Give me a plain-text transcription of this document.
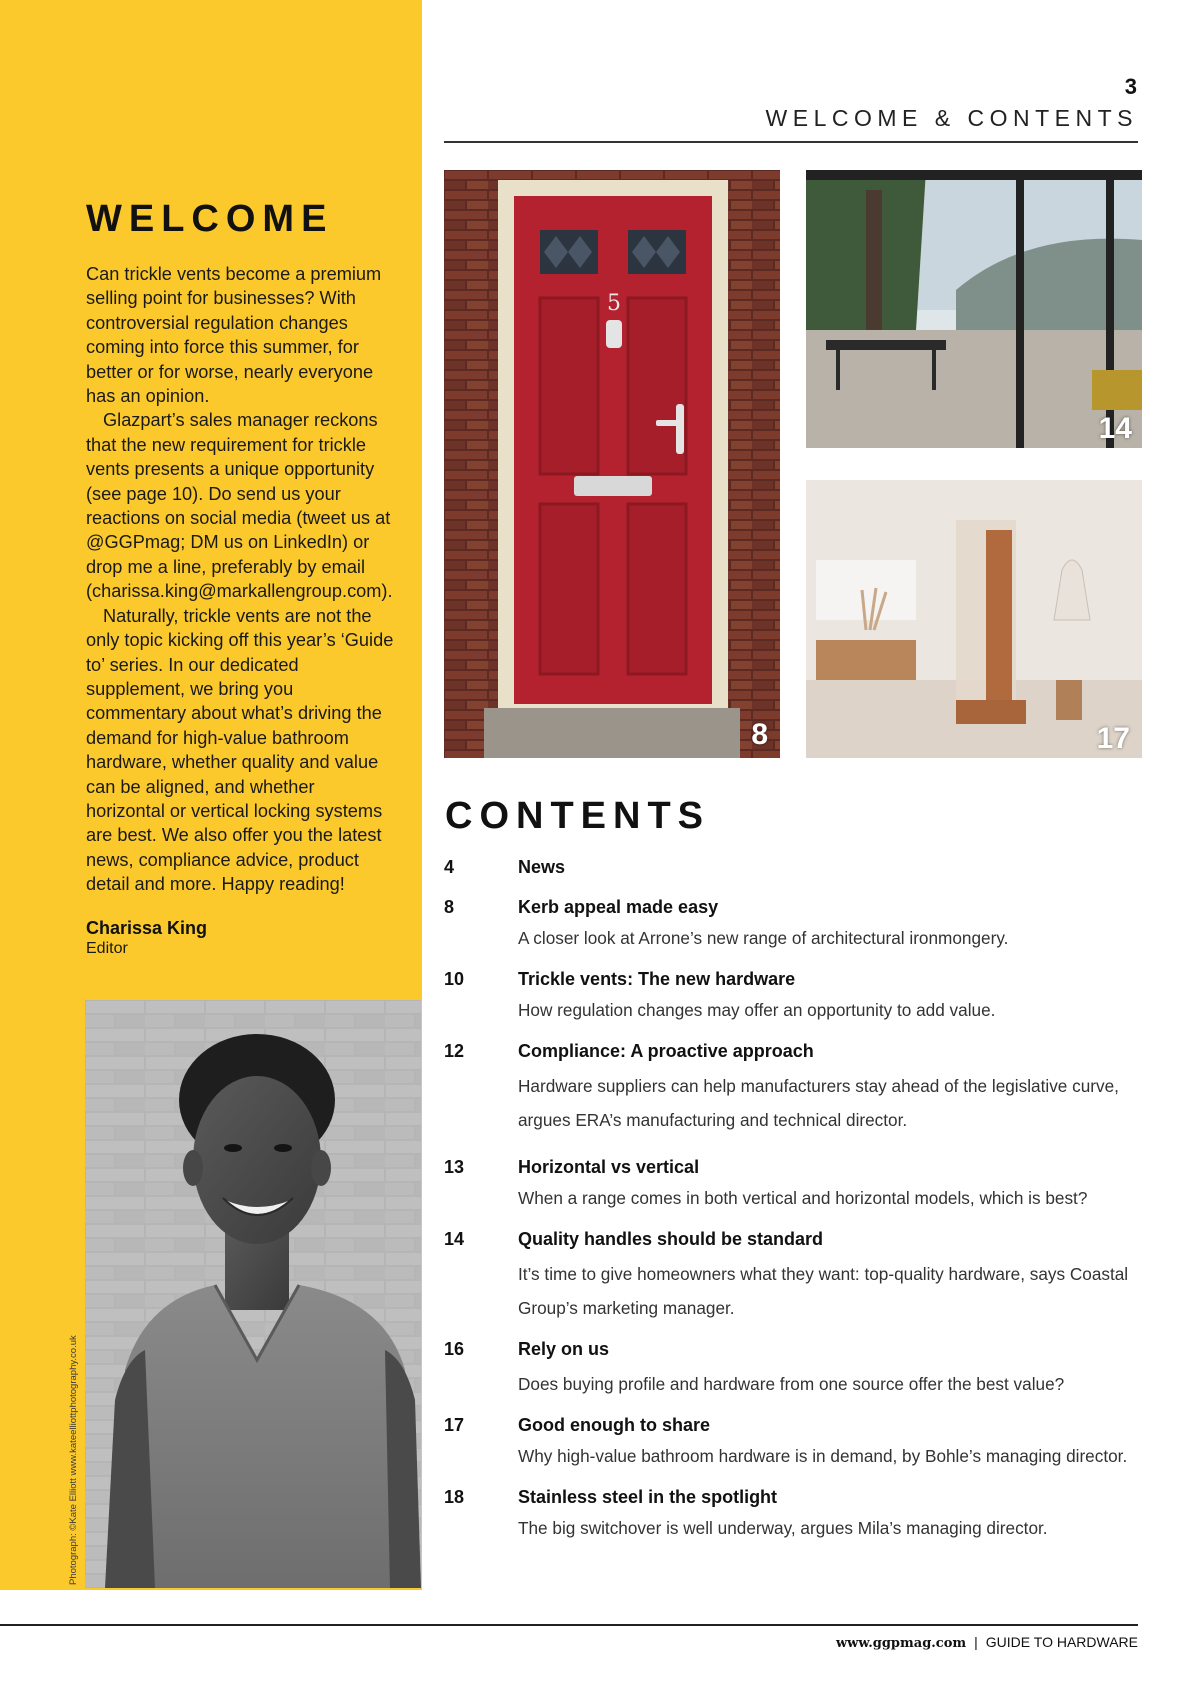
WELCOME

Can trickle vents become a premium selling point for businesses? With controversial regulation changes coming into force this summer, for better or for worse, nearly everyone has an opinion.

Glazpart’s sales manager reckons that the new requirement for trickle vents presents a unique opportunity (see page 10). Do send us your reactions on social media (tweet us at @GGPmag; DM us on LinkedIn) or drop me a line, preferably by email (charissa.king@markallengroup.com).

Naturally, trickle vents are not the only topic kicking off this year’s ‘Guide to’ series. In our dedicated supplement, we bring you commentary about what’s driving the demand for high-value bathroom hardware, whether quality and value can be aligned, and whether horizontal or vertical locking systems are best. We also offer you the latest news, compliance advice, product detail and more. Happy reading!

Charissa King
Editor
Photograph: ©Kate Elliott www.kateelliottphotography.co.uk
3
WELCOME & CONTENTS
5
8
14
17
CONTENTS
4	News
8	Kerb appeal made easy
A closer look at Arrone’s new range of architectural ironmongery.
10	Trickle vents: The new hardware
How regulation changes may offer an opportunity to add value.
12	Compliance: A proactive approach
Hardware suppliers can help manufacturers stay ahead of the legislative curve, argues ERA’s manufacturing and technical director.
13	Horizontal vs vertical
When a range comes in both vertical and horizontal models, which is best?
14	Quality handles should be standard
It’s time to give homeowners what they want: top-quality hardware, says Coastal Group’s marketing manager.
16	Rely on us
Does buying profile and hardware from one source offer the best value?
17	Good enough to share
Why high-value bathroom hardware is in demand, by Bohle’s managing director.
18	Stainless steel in the spotlight
The big switchover is well underway, argues Mila’s managing director.
www.ggpmag.com | GUIDE TO HARDWARE
